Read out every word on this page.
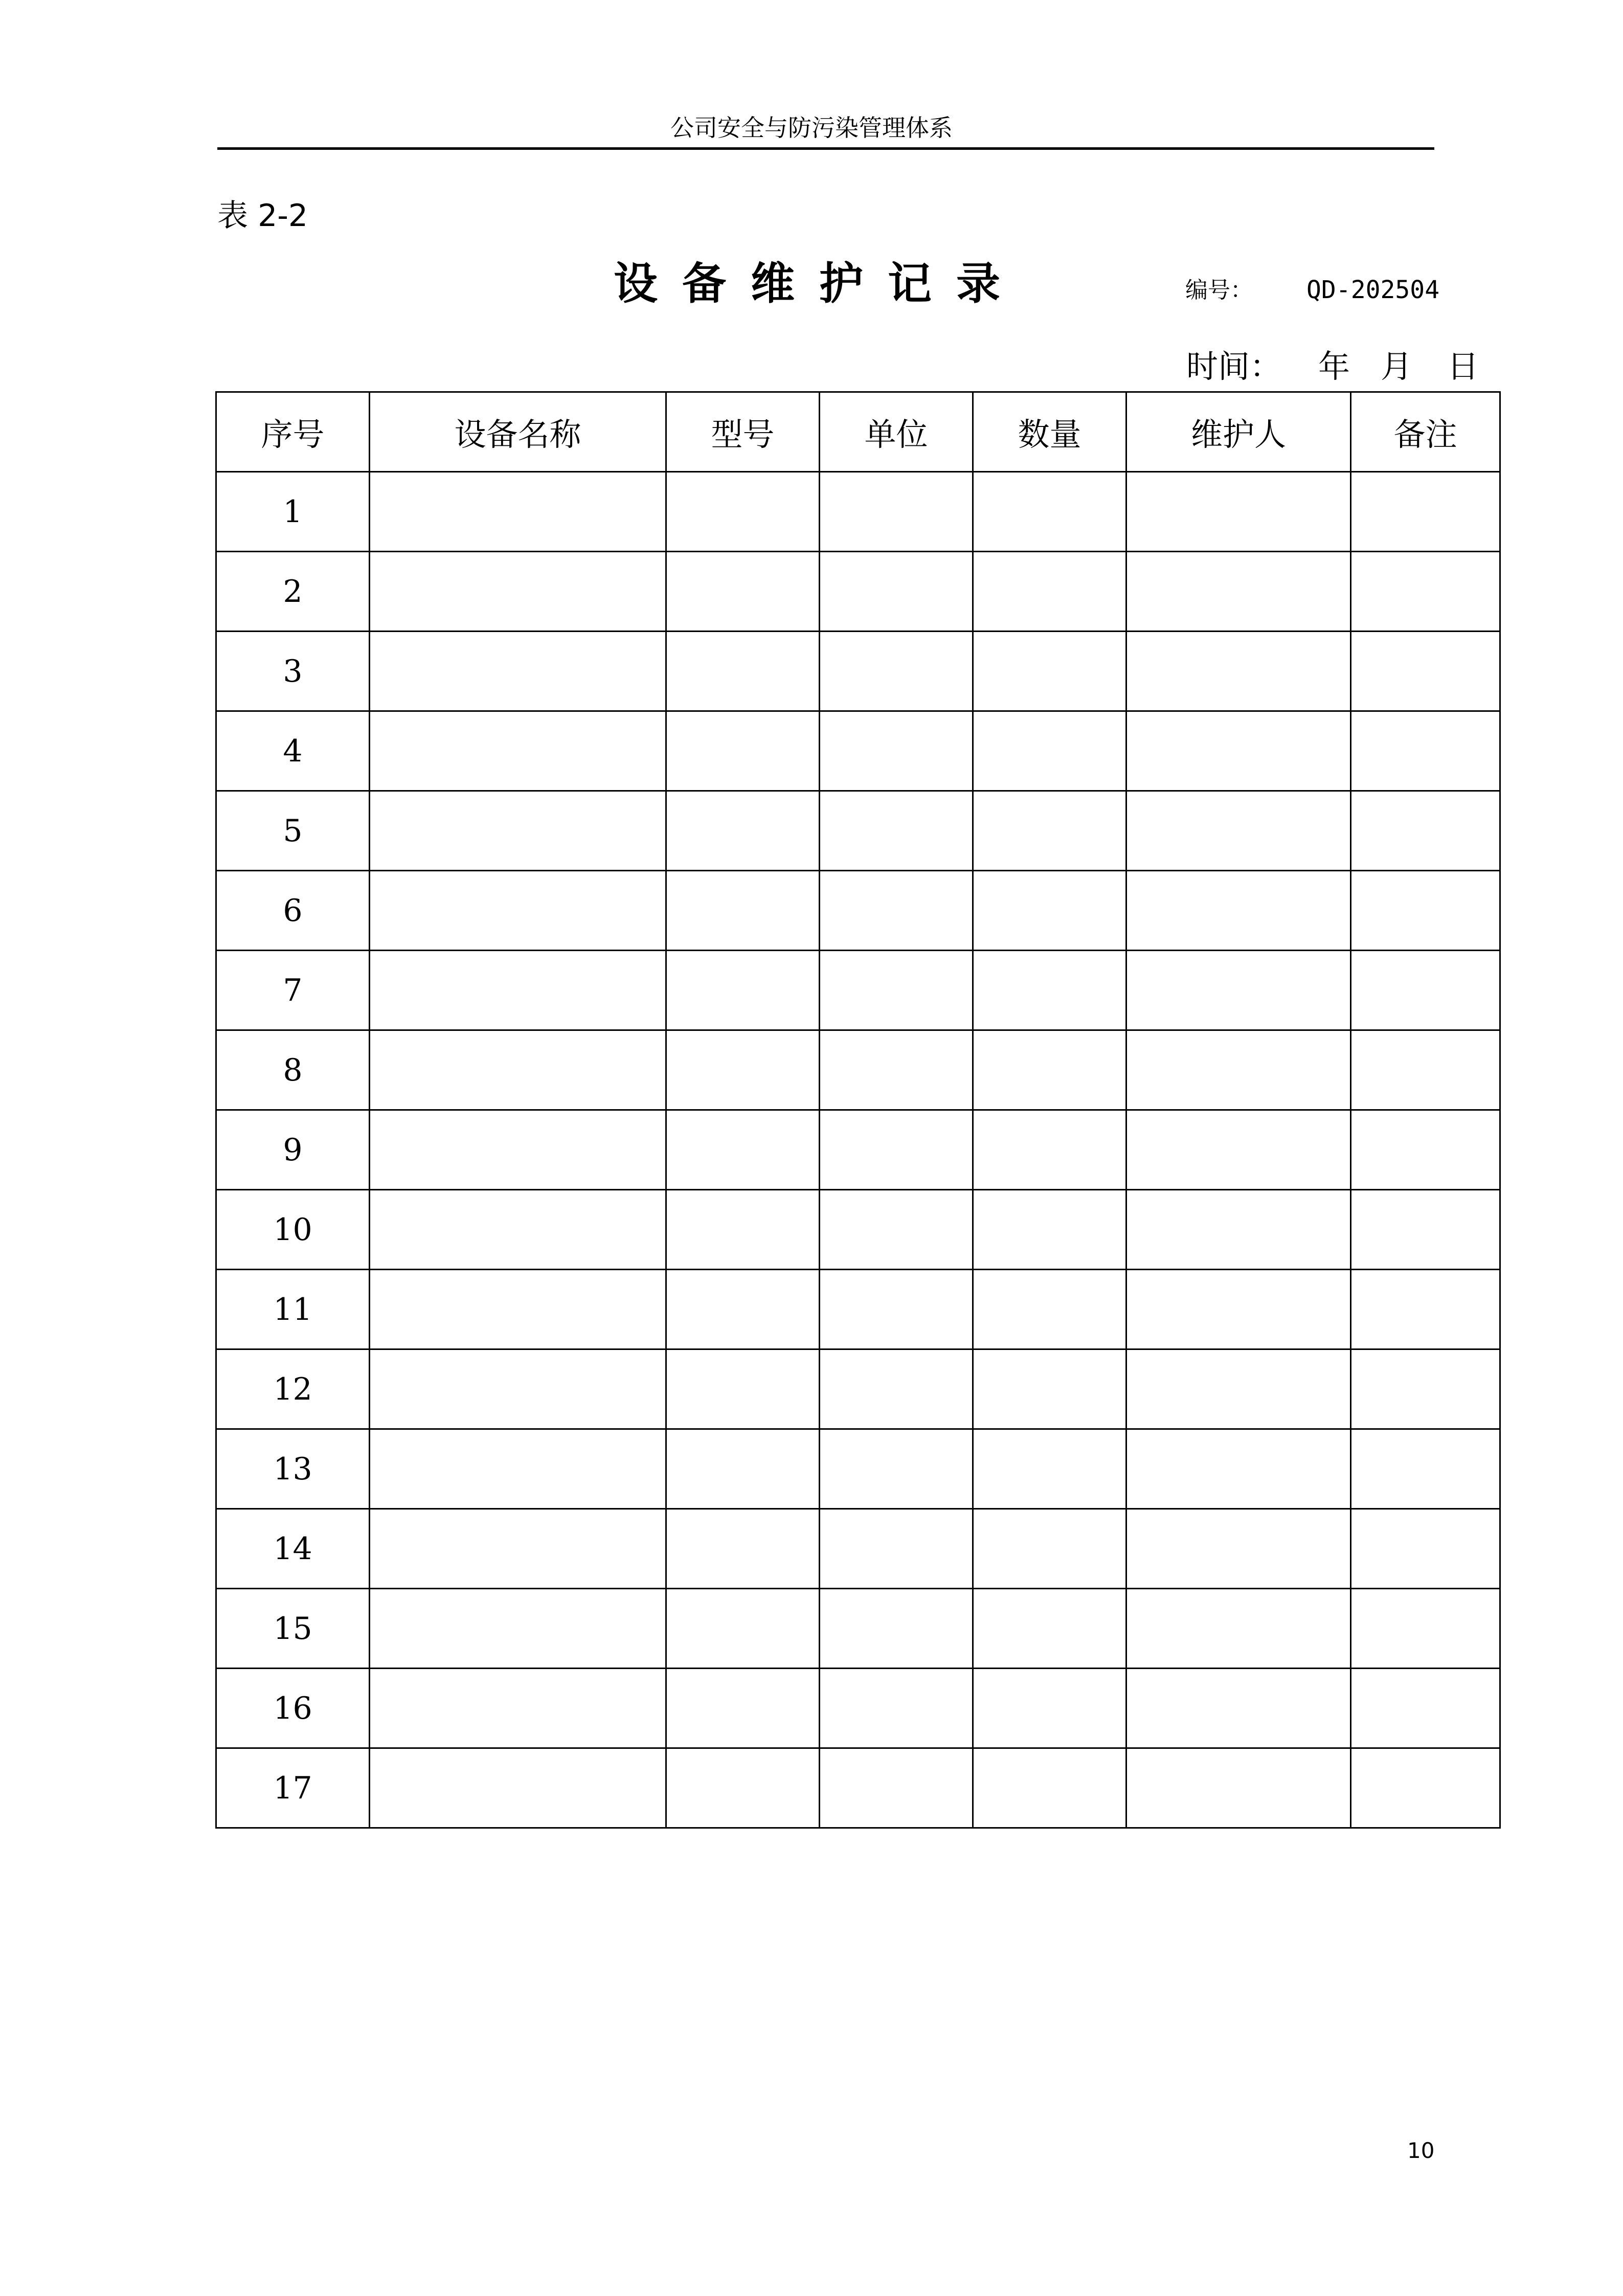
公司安全与防污染管理体系
表 2-2
设备维护记录	编号： QD-202504
时间： 年 月 日
序号	设备名称	型号	单位	数量	维护人	备注
1						
2						
3						
4						
5						
6						
7						
8						
9						
10						
11						
12						
13						
14						
15						
16						
17						
10
